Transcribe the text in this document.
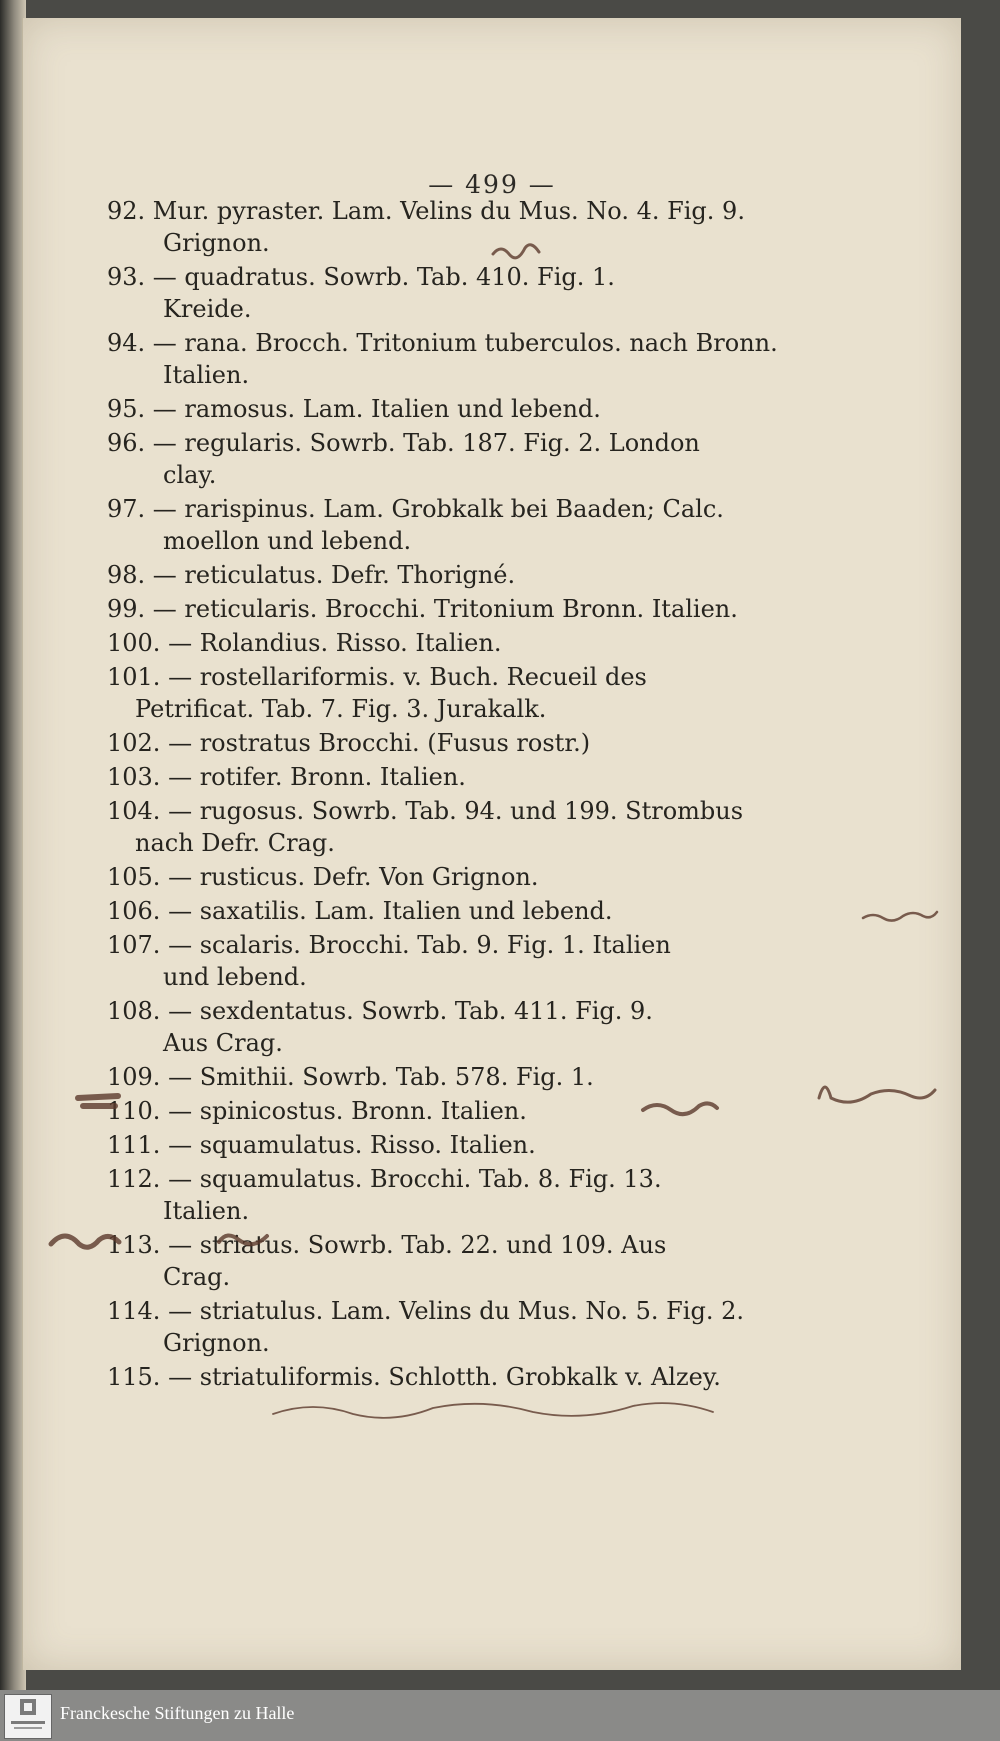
— 499 —
92. Mur. pyraster. Lam. Velins du Mus. No. 4. Fig. 9.
Grignon.
93. — quadratus. Sowrb. Tab. 410. Fig. 1.
Kreide.
94. — rana. Brocch. Tritonium tuberculos. nach Bronn.
Italien.
95. — ramosus. Lam. Italien und lebend.
96. — regularis. Sowrb. Tab. 187. Fig. 2. London
clay.
97. — rarispinus. Lam. Grobkalk bei Baaden; Calc.
moellon und lebend.
98. — reticulatus. Defr. Thorigné.
99. — reticularis. Brocchi. Tritonium Bronn. Italien.
100. — Rolandius. Risso. Italien.
101. — rostellariformis. v. Buch. Recueil des
Petrificat. Tab. 7. Fig. 3. Jurakalk.
102. — rostratus Brocchi. (Fusus rostr.)
103. — rotifer. Bronn. Italien.
104. — rugosus. Sowrb. Tab. 94. und 199. Strombus
nach Defr. Crag.
105. — rusticus. Defr. Von Grignon.
106. — saxatilis. Lam. Italien und lebend.
107. — scalaris. Brocchi. Tab. 9. Fig. 1. Italien
und lebend.
108. — sexdentatus. Sowrb. Tab. 411. Fig. 9.
Aus Crag.
109. — Smithii. Sowrb. Tab. 578. Fig. 1.
110. — spinicostus. Bronn. Italien.
111. — squamulatus. Risso. Italien.
112. — squamulatus. Brocchi. Tab. 8. Fig. 13.
Italien.
113. — striatus. Sowrb. Tab. 22. und 109. Aus
Crag.
114. — striatulus. Lam. Velins du Mus. No. 5. Fig. 2.
Grignon.
115. — striatuliformis. Schlotth. Grobkalk v. Alzey.
Franckesche Stiftungen zu Halle
